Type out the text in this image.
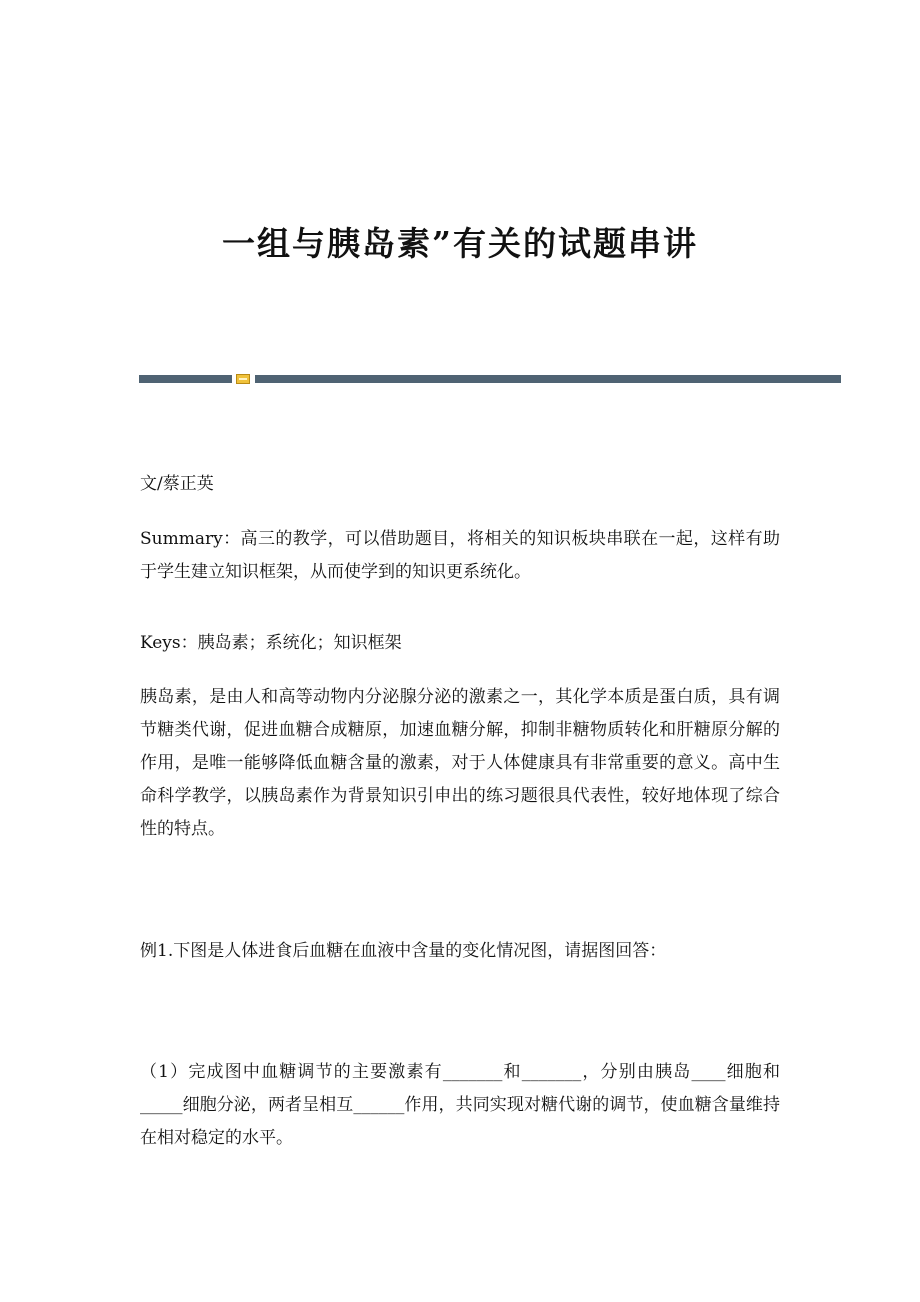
一组与胰岛素”有关的试题串讲

文/蔡正英

Summary：高三的教学，可以借助题目，将相关的知识板块串联在一起，这样有助于学生建立知识框架，从而使学到的知识更系统化。

Keys：胰岛素；系统化；知识框架

胰岛素，是由人和高等动物内分泌腺分泌的激素之一，其化学本质是蛋白质，具有调节糖类代谢，促进血糖合成糖原，加速血糖分解，抑制非糖物质转化和肝糖原分解的作用，是唯一能够降低血糖含量的激素，对于人体健康具有非常重要的意义。高中生命科学教学，以胰岛素作为背景知识引申出的练习题很具代表性，较好地体现了综合性的特点。

例1.下图是人体进食后血糖在血液中含量的变化情况图，请据图回答：

（1）完成图中血糖调节的主要激素有_______和_______，分别由胰岛____细胞和_____细胞分泌，两者呈相互______作用，共同实现对糖代谢的调节，使血糖含量维持在相对稳定的水平。
